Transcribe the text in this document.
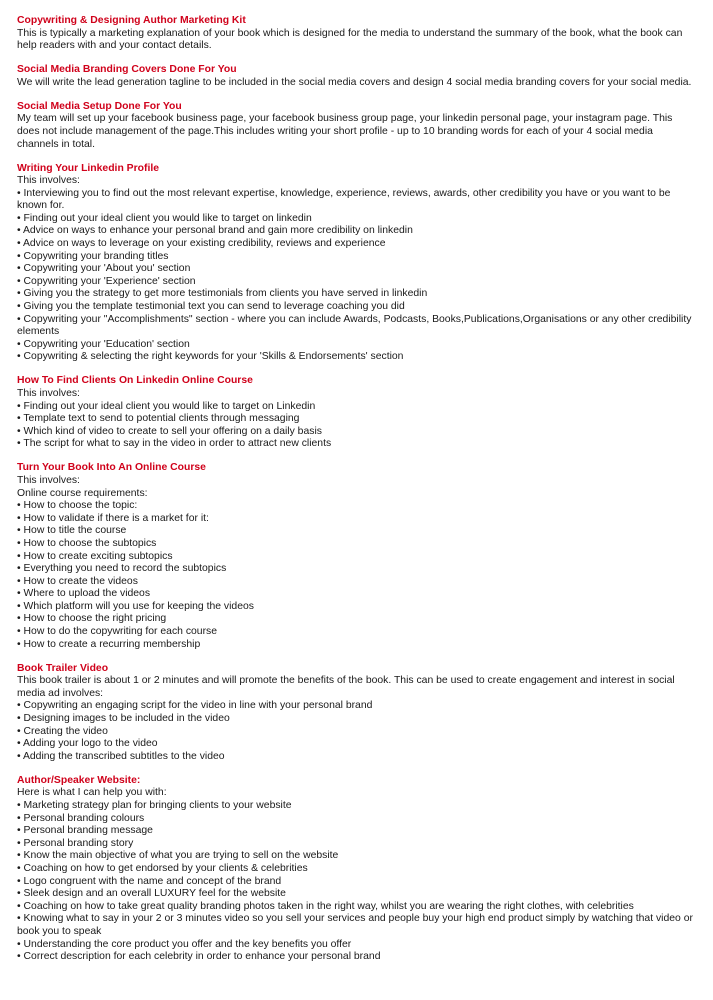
Copywriting & Designing Author Marketing Kit

This is typically a marketing explanation of your book which is designed for the media to understand the summary of the book, what the book can help readers with and your contact details.

Social Media Branding Covers Done For You

We will write the lead generation tagline to be included in the social media covers and design 4 social media branding covers for your social media.

Social Media Setup Done For You

My team will set up your facebook business page, your facebook business group page, your linkedin personal page, your instagram page. This does not include management of the page.This includes writing your short profile - up to 10 branding words for each of your 4 social media channels in total.

Writing Your Linkedin Profile

This involves:

• Interviewing you to find out the most relevant expertise, knowledge, experience, reviews, awards, other credibility you have or you want to be known for.
• Finding out your ideal client you would like to target on linkedin
• Advice on ways to enhance your personal brand and gain more credibility on linkedin
• Advice on ways to leverage on your existing credibility, reviews and experience
• Copywriting your branding titles
• Copywriting your 'About you' section
• Copywriting your 'Experience' section
• Giving you the strategy to get more testimonials from clients you have served in linkedin
• Giving you the template testimonial text you can send to leverage coaching you did
• Copywriting your "Accomplishments" section - where you can include Awards, Podcasts, Books,Publications,Organisations or any other credibility elements
• Copywriting your 'Education' section
• Copywriting & selecting the right keywords for your 'Skills & Endorsements' section
How To Find Clients On Linkedin Online Course

This involves:

• Finding out your ideal client you would like to target on Linkedin
• Template text to send to potential clients through messaging
• Which kind of video to create to sell your offering on a daily basis
• The script for what to say in the video in order to attract new clients
Turn Your Book Into An Online Course

This involves:

Online course requirements:

• How to choose the topic:
• How to validate if there is a market for it:
• How to title the course
• How to choose the subtopics
• How to create exciting subtopics
• Everything you need to record the subtopics
• How to create the videos
• Where to upload the videos
• Which platform will you use for keeping the videos
• How to choose the right pricing
• How to do the copywriting for each course
• How to create a recurring membership
Book Trailer Video

This book trailer is about 1 or 2 minutes and will promote the benefits of the book. This can be used to create engagement and interest in social media ad involves:

• Copywriting an engaging script for the video in line with your personal brand
• Designing images to be included in the video
• Creating the video
• Adding your logo to the video
• Adding the transcribed subtitles to the video
Author/Speaker Website:

Here is what I can help you with:

• Marketing strategy plan for bringing clients to your website
• Personal branding colours
• Personal branding message
• Personal branding story
• Know the main objective of what you are trying to sell on the website
• Coaching on how to get endorsed by your clients & celebrities
• Logo congruent with the name and concept of the brand
• Sleek design and an overall LUXURY feel for the website
• Coaching on how to take great quality branding photos taken in the right way, whilst you are wearing the right clothes, with celebrities
• Knowing what to say in your 2 or 3 minutes video so you sell your services and people buy your high end product simply by watching that video or book you to speak
• Understanding the core product you offer and the key benefits you offer
• Correct description for each celebrity in order to enhance your personal brand
